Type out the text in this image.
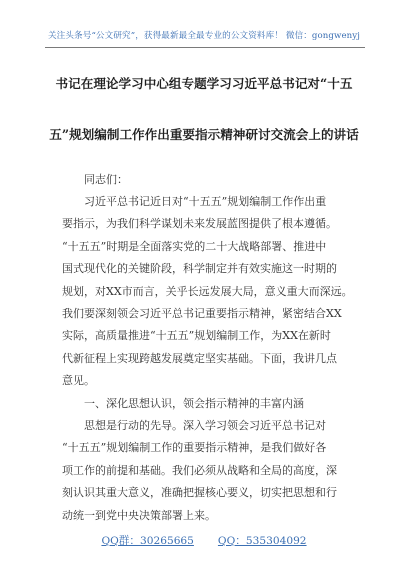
关注头条号“公文研究”，获得最新最全最专业的公文资料库！ 微信：gongwenyj
书记在理论学习中心组专题学习习近平总书记对“十五
五”规划编制工作作出重要指示精神研讨交流会上的讲话
同志们：
习近平总书记近日对“十五五”规划编制工作作出重
要指示，为我们科学谋划未来发展蓝图提供了根本遵循。
“十五五”时期是全面落实党的二十大战略部署、推进中
国式现代化的关键阶段，科学制定并有效实施这一时期的
规划，对XX市而言，关乎长远发展大局，意义重大而深远。
我们要深刻领会习近平总书记重要指示精神，紧密结合XX
实际，高质量推进“十五五”规划编制工作，为XX在新时
代新征程上实现跨越发展奠定坚实基础。下面，我讲几点
意见。
一、深化思想认识，领会指示精神的丰富内涵
思想是行动的先导。深入学习领会习近平总书记对
“十五五”规划编制工作的重要指示精神，是我们做好各
项工作的前提和基础。我们必须从战略和全局的高度，深
刻认识其重大意义，准确把握核心要义，切实把思想和行
动统一到党中央决策部署上来。
QQ群：30265665 QQ：535304092
